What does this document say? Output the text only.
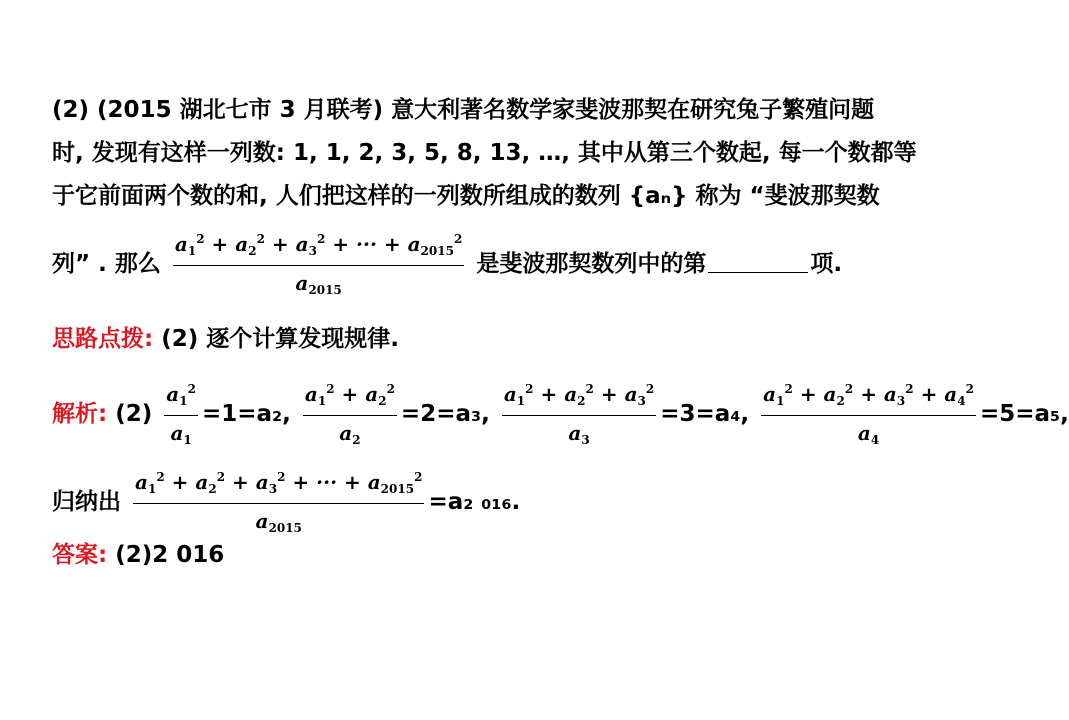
(2) (2015 湖北七市 3 月联考) 意大利著名数学家斐波那契在研究兔子繁殖问题
时, 发现有这样一列数: 1, 1, 2, 3, 5, 8, 13, …, 其中从第三个数起, 每一个数都等
于它前面两个数的和, 人们把这样的一列数所组成的数列 {aₙ} 称为 “斐波那契数
列” . 那么 $\frac{a_1^2 + a_2^2 + a_3^2 + \cdot\cdot\cdot + a_{2015}^2}{a_{2015}}$ 是斐波那契数列中的第	项.
思路点拨: (2) 逐个计算发现规律.
解析: $(2) \frac{a_1^2}{a_1} =1=a_2$, $\frac{a_1^2 + a_2^2}{a_2} =2=a_3$, $\frac{a_1^2 + a_2^2 + a_3^2}{a_3} =3=a_4$, $\frac{a_1^2 + a_2^2 + a_3^2 + a_4^2}{a_4} =5=a_5$,
归纳出 $\frac{a_1^2 + a_2^2 + a_3^2 + \cdot\cdot\cdot + a_{2015}^2}{a_{2015}} =a_2$ ₀₁₆.
答案: (2)2 016
